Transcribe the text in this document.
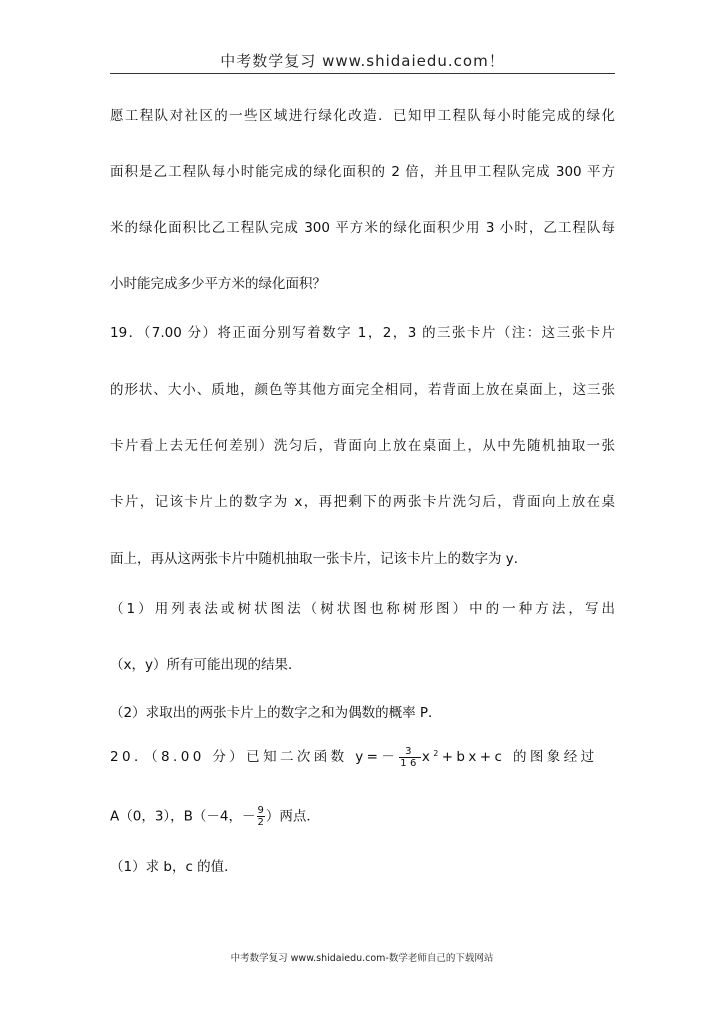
中考数学复习 www.shidaiedu.com！
愿工程队对社区的一些区域进行绿化改造．已知甲工程队每小时能完成的绿化
面积是乙工程队每小时能完成的绿化面积的 2 倍，并且甲工程队完成 300 平方
米的绿化面积比乙工程队完成 300 平方米的绿化面积少用 3 小时，乙工程队每
小时能完成多少平方米的绿化面积？
19．（7.00 分）将正面分别写着数字 1，2，3 的三张卡片（注：这三张卡片
的形状、大小、质地，颜色等其他方面完全相同，若背面上放在桌面上，这三张
卡片看上去无任何差别）洗匀后，背面向上放在桌面上，从中先随机抽取一张
卡片，记该卡片上的数字为 x，再把剩下的两张卡片洗匀后，背面向上放在桌
面上，再从这两张卡片中随机抽取一张卡片，记该卡片上的数字为 y．
（1）用列表法或树状图法（树状图也称树形图）中的一种方法，写出
（x，y）所有可能出现的结果．
（2）求取出的两张卡片上的数字之和为偶数的概率 P．
20．（8.00 分）已知二次函数 $y=- \frac{3}{16} x^2+bx+c$ 的图象经过
A（0，3），B（－4，－ $\frac{9}{2}$ ）两点．
（1）求 b，c 的值．
中考数学复习 www.shidaiedu.com-数学老师自己的下载网站
